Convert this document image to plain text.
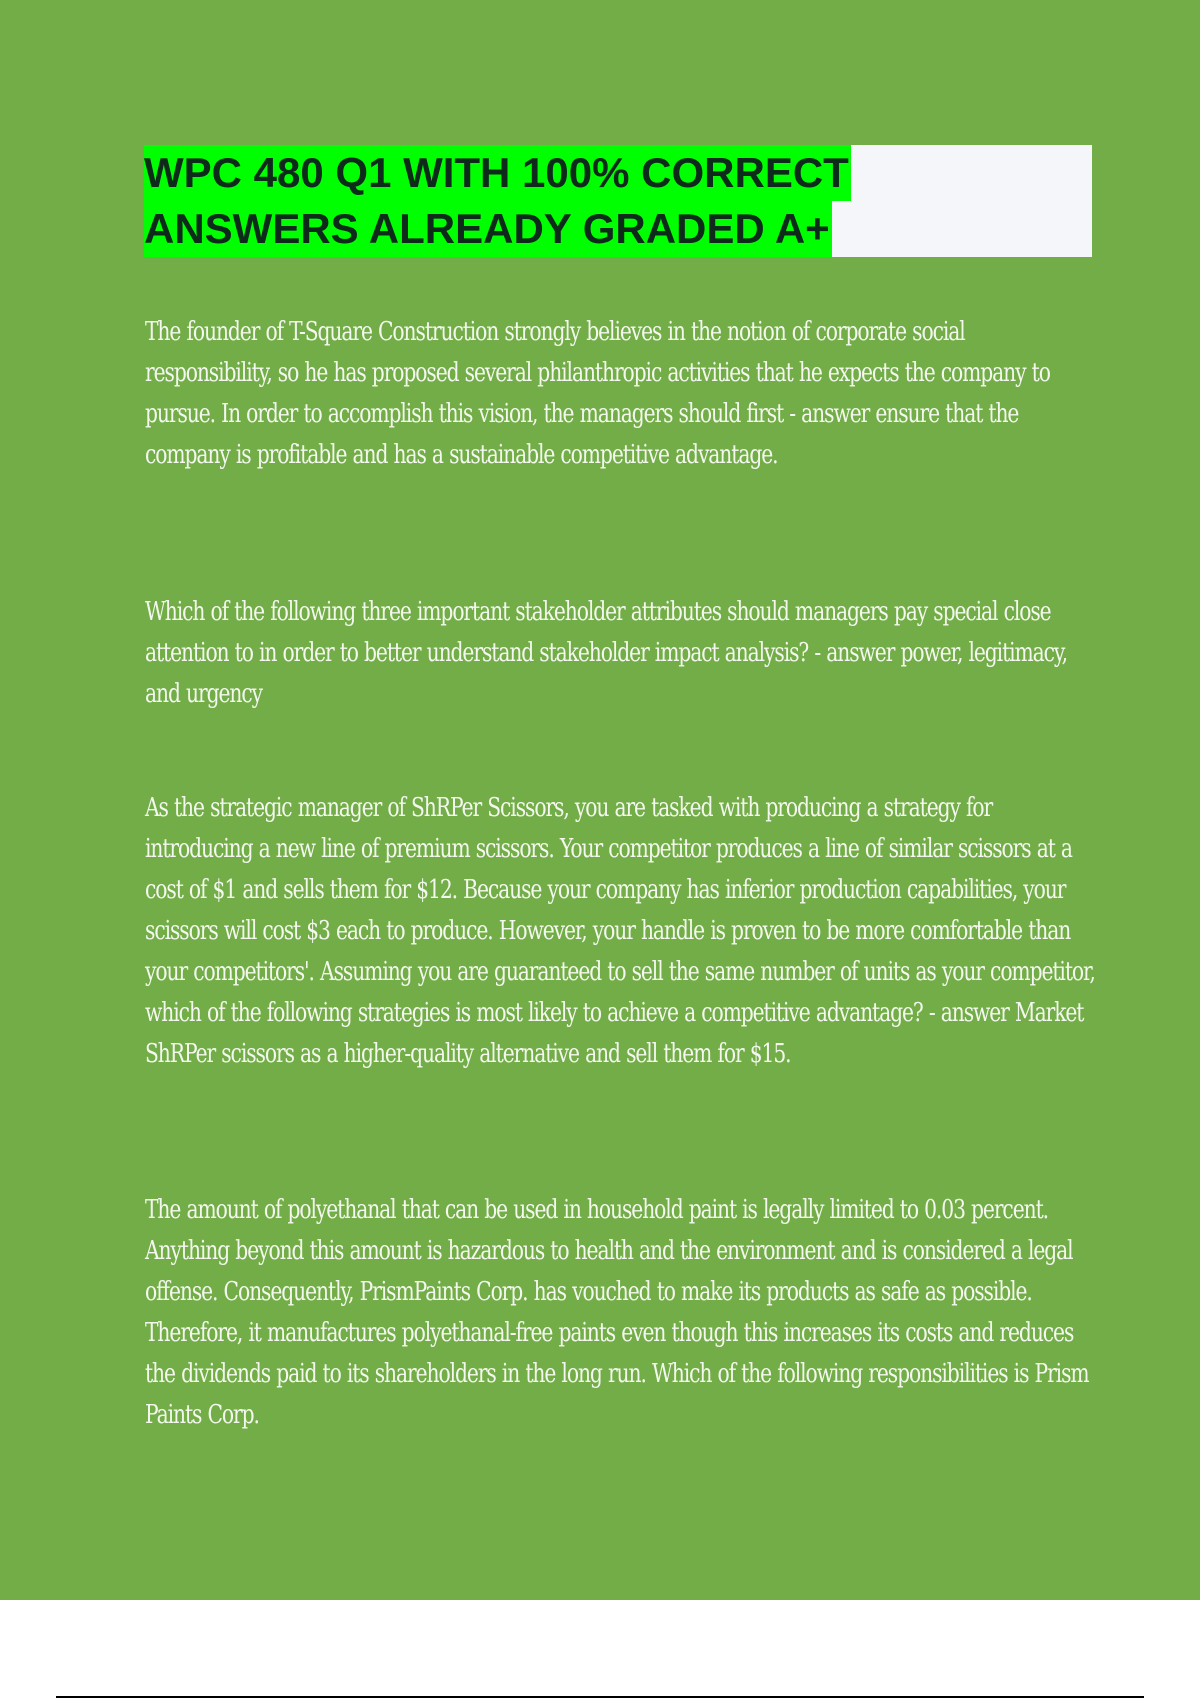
WPC 480 Q1 WITH 100% CORRECT
ANSWERS ALREADY GRADED A+

The founder of T-Square Construction strongly believes in the notion of corporate social responsibility, so he has proposed several philanthropic activities that he expects the company to pursue. In order to accomplish this vision, the managers should first - answer ensure that the company is profitable and has a sustainable competitive advantage.

Which of the following three important stakeholder attributes should managers pay special close attention to in order to better understand stakeholder impact analysis? - answer power, legitimacy, and urgency

As the strategic manager of ShRPer Scissors, you are tasked with producing a strategy for introducing a new line of premium scissors. Your competitor produces a line of similar scissors at a cost of $1 and sells them for $12. Because your company has inferior production capabilities, your scissors will cost $3 each to produce. However, your handle is proven to be more comfortable than your competitors'. Assuming you are guaranteed to sell the same number of units as your competitor, which of the following strategies is most likely to achieve a competitive advantage? - answer Market ShRPer scissors as a higher-quality alternative and sell them for $15.

The amount of polyethanal that can be used in household paint is legally limited to 0.03 percent. Anything beyond this amount is hazardous to health and the environment and is considered a legal offense. Consequently, PrismPaints Corp. has vouched to make its products as safe as possible. Therefore, it manufactures polyethanal-free paints even though this increases its costs and reduces the dividends paid to its shareholders in the long run. Which of the following responsibilities is Prism Paints Corp.
